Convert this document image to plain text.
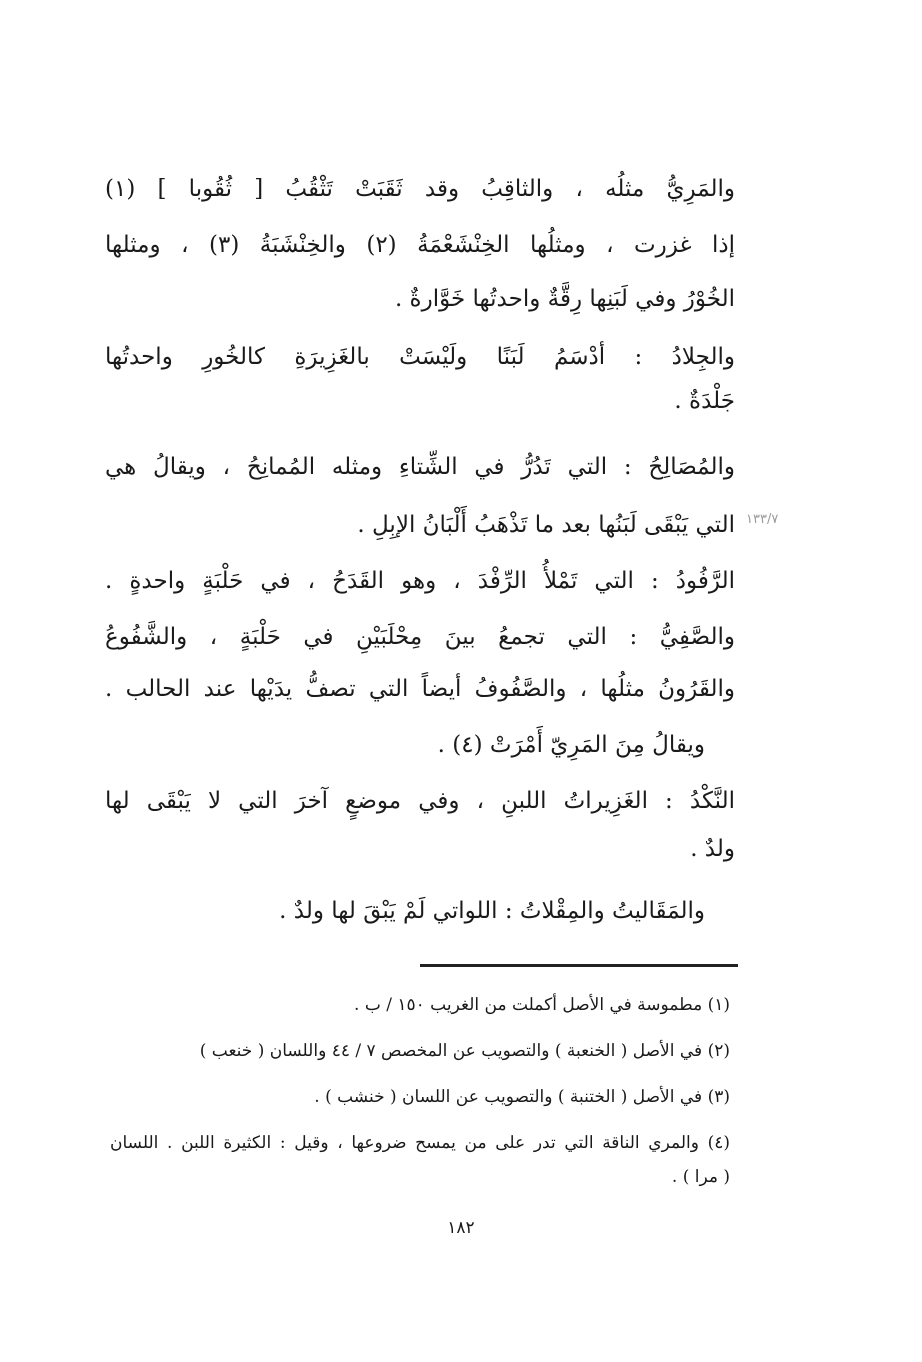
والمَرِيُّ مثلُه ، والثاقِبُ وقد ثَقَبَتْ تَثْقُبُ [ ثُقُوبا ] (١)
إذا غزرت ، ومثلُها الخِنْشَعْمَةُ (٢) والخِنْشَبَةُ (٣) ، ومثلها
الخُوْرُ وفي لَبَنِها رِقَّةٌ واحدتُها خَوَّارةٌ .
والجِلادُ : أدْسَمُ لَبَنًا ولَيْسَتْ بالغَزِيرَةِ كالخُورِ واحدتُها
جَلْدَةٌ .
والمُصَالِحُ : التي تَدُرُّ في الشِّتاءِ ومثله المُمانِحُ ، ويقالُ هي
التي يَبْقَى لَبَنُها بعد ما تَذْهَبُ أَلْبَانُ الإبِلِ .
الرَّفُودُ : التي تَمْلأُ الرِّفْدَ ، وهو القَدَحُ ، في حَلْبَةٍ واحدةٍ .
والصَّفِيُّ : التي تجمعُ بينَ مِحْلَبَيْنِ في حَلْبَةٍ ، والشَّفُوعُ
والقَرُونُ مثلُها ، والصَّفُوفُ أيضاً التي تصفُّ يدَيْها عند الحالب .
ويقالُ مِنَ المَرِيّ أَمْرَتْ (٤) .
النَّكْدُ : الغَزِيراتُ اللبنِ ، وفي موضعٍ آخرَ التي لا يَبْقَى لها
ولدٌ .
والمَقَاليتُ والمِقْلاتُ : اللواتي لَمْ يَبْقَ لها ولدٌ .
١٣٣/٧
(١) مطموسة في الأصل أكملت من الغريب ١٥٠ / ب .
(٢) في الأصل ( الخنعبة ) والتصويب عن المخصص ٧ / ٤٤ واللسان ( خنعب )
(٣) في الأصل ( الختنبة ) والتصويب عن اللسان ( خنشب ) .
(٤) والمري الناقة التي تدر على من يمسح ضروعها ، وقيل : الكثيرة اللبن . اللسان
( مرا ) .
١٨٢
